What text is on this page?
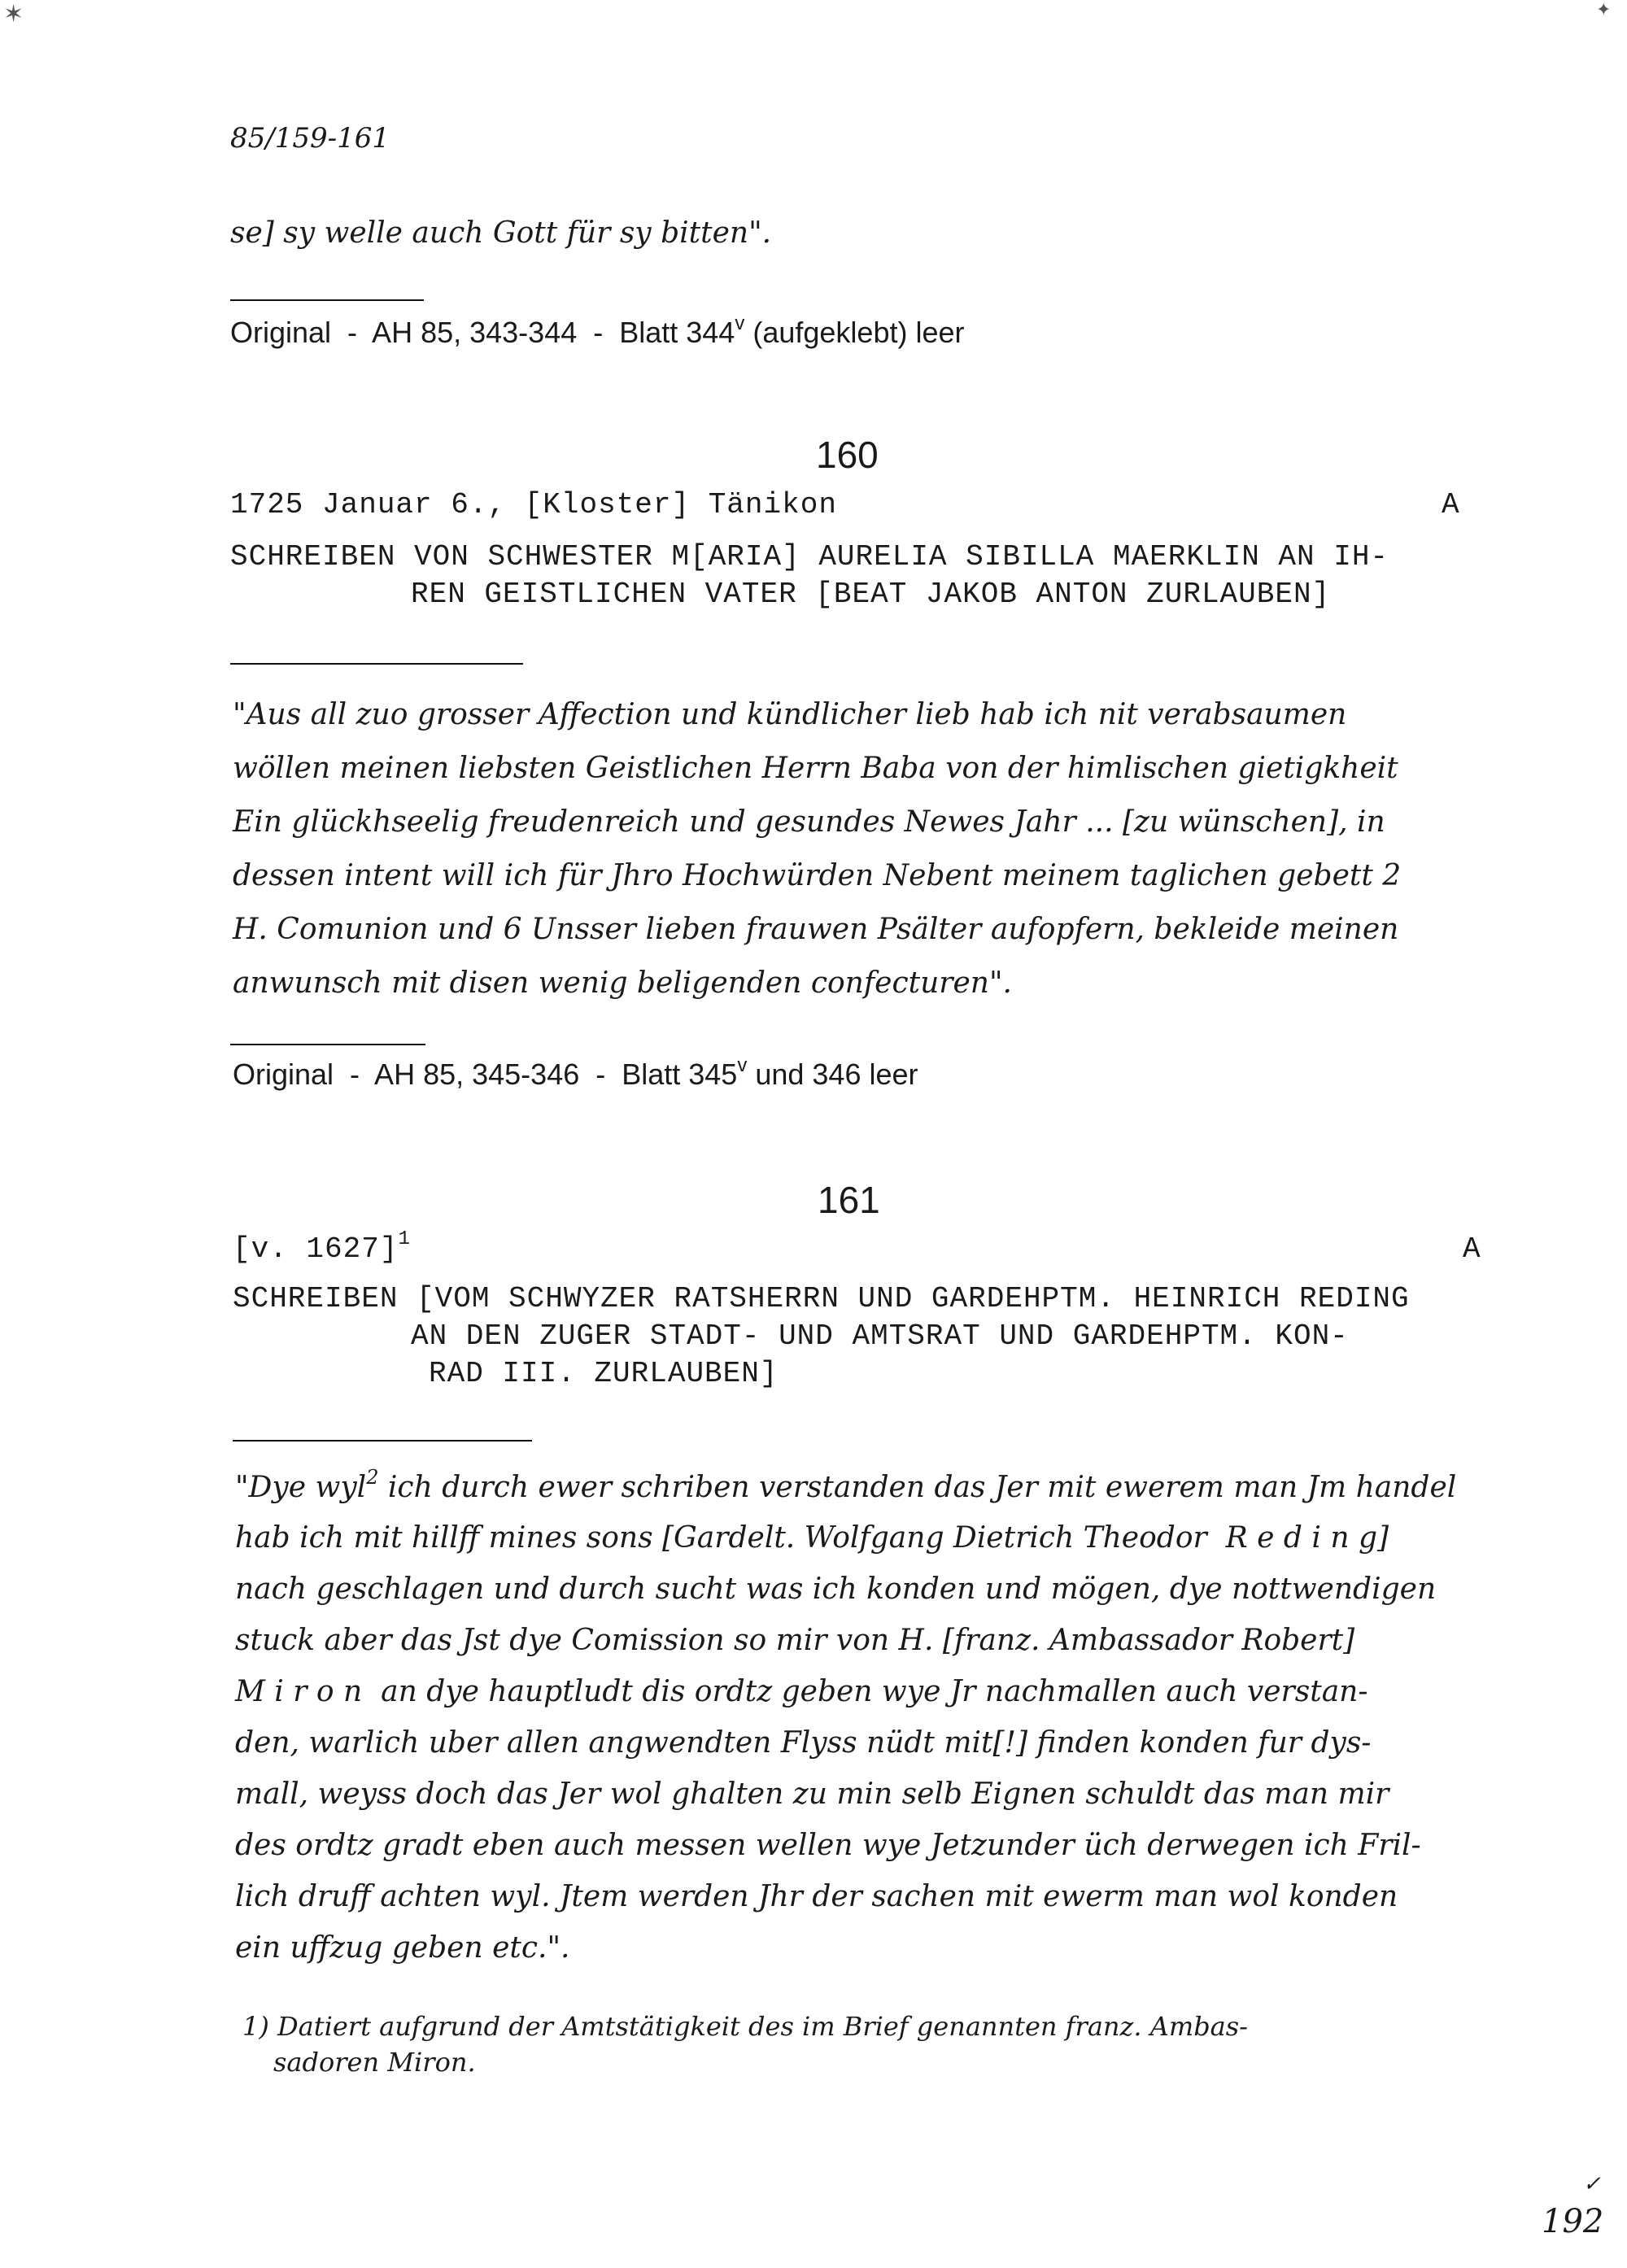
✶	✦
85/159-161
se] sy welle auch Gott für sy bitten".
Original  -  AH 85, 343-344  -  Blatt 344$^v$ (aufgeklebt) leer
160
1725 Januar 6., [Kloster] Tänikon	A
SCHREIBEN VON SCHWESTER M[ARIA] AURELIA SIBILLA MAERKLIN AN IH-
REN GEISTLICHEN VATER [BEAT JAKOB ANTON ZURLAUBEN]
"Aus all zuo grosser Affection und kündlicher lieb hab ich nit verabsaumen
wöllen meinen liebsten Geistlichen Herrn Baba von der himlischen gietigkheit
Ein glückhseelig freudenreich und gesundes Newes Jahr ... [zu wünschen], in
dessen intent will ich für Jhro Hochwürden Nebent meinem taglichen gebett 2
H. Comunion und 6 Unsser lieben frauwen Psälter aufopfern, bekleide meinen
anwunsch mit disen wenig beligenden confecturen".
Original  -  AH 85, 345-346  -  Blatt 345$^v$ und 346 leer
161
[v. 1627]$^1$	A
SCHREIBEN [VOM SCHWYZER RATSHERRN UND GARDEHPTM. HEINRICH REDING
AN DEN ZUGER STADT- UND AMTSRAT UND GARDEHPTM. KON-
RAD III. ZURLAUBEN]
"Dye wyl$^2$ ich durch ewer schriben verstanden das Jer mit ewerem man Jm handel
hab ich mit hillff mines sons [Gardelt. Wolfgang Dietrich Theodor  R e d i n g]
nach geschlagen und durch sucht was ich konden und mögen, dye nottwendigen
stuck aber das Jst dye Comission so mir von H. [franz. Ambassador Robert]
M i r o n  an dye hauptludt dis ordtz geben wye Jr nachmallen auch verstan-
den, warlich uber allen angwendten Flyss nüdt mit[!] finden konden fur dys-
mall, weyss doch das Jer wol ghalten zu min selb Eignen schuldt das man mir
des ordtz gradt eben auch messen wellen wye Jetzunder üch derwegen ich Fril-
lich druff achten wyl. Jtem werden Jhr der sachen mit ewerm man wol konden
ein uffzug geben etc.".
1) Datiert aufgrund der Amtstätigkeit des im Brief genannten franz. Ambas-
sadoren Miron.
✓
192
